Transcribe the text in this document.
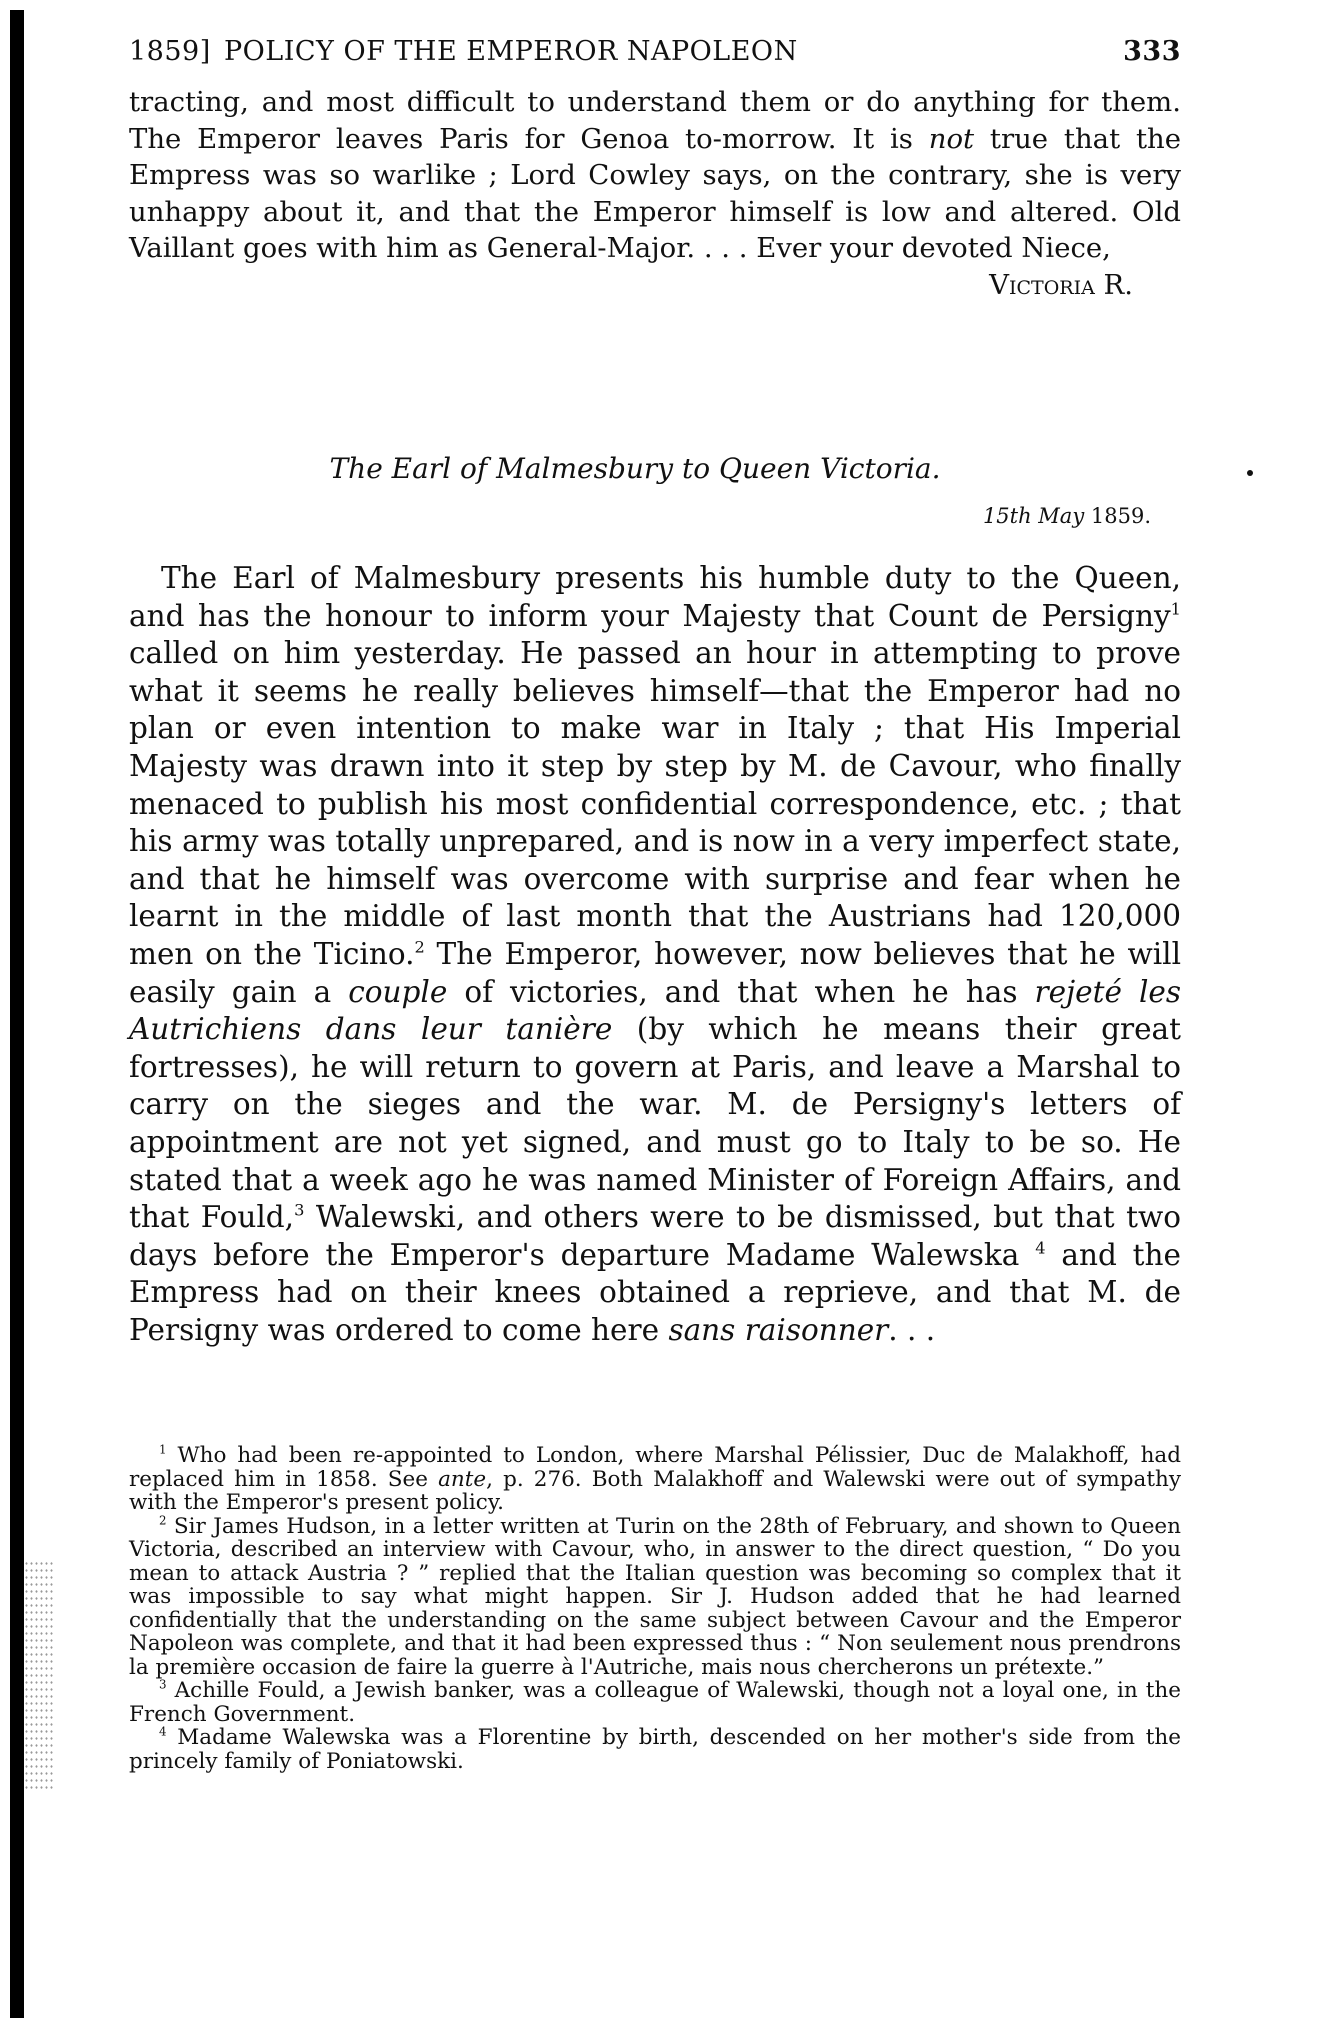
1859] POLICY OF THE EMPEROR NAPOLEON	333

tracting, and most difficult to understand them or do anything for them. The Emperor leaves Paris for Genoa to-morrow. It is not true that the Empress was so warlike ; Lord Cowley says, on the contrary, she is very unhappy about it, and that the Emperor himself is low and altered. Old Vaillant goes with him as General-Major. . . . Ever your devoted Niece,

Victoria R.

The Earl of Malmesbury to Queen Victoria.
15th May 1859.

The Earl of Malmesbury presents his humble duty to the Queen, and has the honour to inform your Majesty that Count de Persigny$^1$ called on him yesterday. He passed an hour in attempting to prove what it seems he really believes himself—that the Emperor had no plan or even intention to make war in Italy ; that His Imperial Majesty was drawn into it step by step by M. de Cavour, who finally menaced to publish his most confidential correspondence, etc. ; that his army was totally unprepared, and is now in a very imperfect state, and that he himself was overcome with surprise and fear when he learnt in the middle of last month that the Austrians had 120,000 men on the Ticino.$^2$ The Emperor, however, now believes that he will easily gain a couple of victories, and that when he has rejeté les Autrichiens dans leur tanière (by which he means their great fortresses), he will return to govern at Paris, and leave a Marshal to carry on the sieges and the war. M. de Persigny's letters of appointment are not yet signed, and must go to Italy to be so. He stated that a week ago he was named Minister of Foreign Affairs, and that Fould,$^3$ Walewski, and others were to be dismissed, but that two days before the Emperor's departure Madame Walewska $^4$ and the Empress had on their knees obtained a reprieve, and that M. de Persigny was ordered to come here sans raisonner. . .

$^1$ Who had been re-appointed to London, where Marshal Pélissier, Duc de Malakhoff, had replaced him in 1858. See ante, p. 276. Both Malakhoff and Walewski were out of sympathy with the Emperor's present policy.

$^2$ Sir James Hudson, in a letter written at Turin on the 28th of February, and shown to Queen Victoria, described an interview with Cavour, who, in answer to the direct question, “ Do you mean to attack Austria ? ” replied that the Italian question was becoming so complex that it was impossible to say what might happen. Sir J. Hudson added that he had learned confidentially that the understanding on the same subject between Cavour and the Emperor Napoleon was complete, and that it had been expressed thus : “ Non seulement nous prendrons la première occasion de faire la guerre à l'Autriche, mais nous chercherons un prétexte.”

$^3$ Achille Fould, a Jewish banker, was a colleague of Walewski, though not a loyal one, in the French Government.

$^4$ Madame Walewska was a Florentine by birth, descended on her mother's side from the princely family of Poniatowski.
